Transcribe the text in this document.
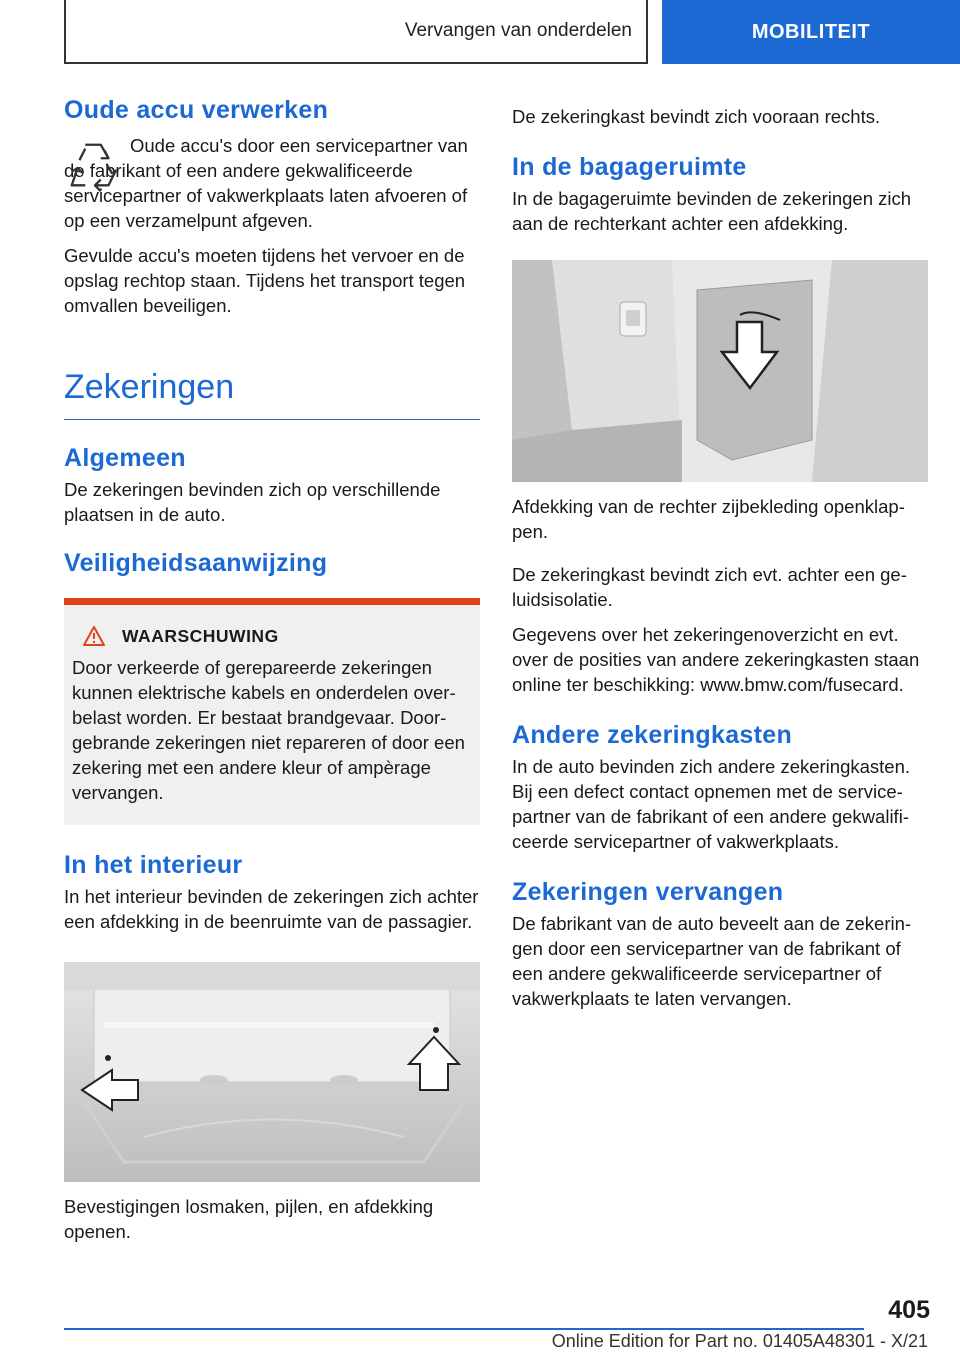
Vervangen van onderdelen	MOBILITEIT
Oude accu verwerken

Oude accu's door een servicepartner van de fabrikant of een andere gekwalificeerde servicepartner of vakwerkplaats laten afvoeren of op een verzamelpunt afgeven.

Gevulde accu's moeten tijdens het vervoer en de opslag rechtop staan. Tijdens het transport tegen omvallen beveiligen.

Zekeringen
Algemeen

De zekeringen bevinden zich op verschillende plaatsen in de auto.

Veiligheidsaanwijzing
WAARSCHUWING

Door verkeerde of gerepareerde zekeringen kunnen elektrische kabels en onderdelen overbelast worden. Er bestaat brandgevaar. Doorgebrande zekeringen niet repareren of door een zekering met een andere kleur of ampèrage vervangen.

In het interieur

In het interieur bevinden de zekeringen zich achter een afdekking in de beenruimte van de passagier.

Bevestigingen losmaken, pijlen, en afdekking openen.

De zekeringkast bevindt zich vooraan rechts.

In de bagageruimte

In de bagageruimte bevinden de zekeringen zich aan de rechterkant achter een afdekking.

Afdekking van de rechter zijbekleding openklappen.

De zekeringkast bevindt zich evt. achter een geluidsisolatie.

Gegevens over het zekeringenoverzicht en evt. over de posities van andere zekeringkasten staan online ter beschikking: www.bmw.com/fusecard.

Andere zekeringkasten

In de auto bevinden zich andere zekeringkasten. Bij een defect contact opnemen met de servicepartner van de fabrikant of een andere gekwalificeerde servicepartner of vakwerkplaats.

Zekeringen vervangen

De fabrikant van de auto beveelt aan de zekeringen door een servicepartner van de fabrikant of een andere gekwalificeerde servicepartner of vakwerkplaats te laten vervangen.

405
Online Edition for Part no. 01405A48301 - X/21
